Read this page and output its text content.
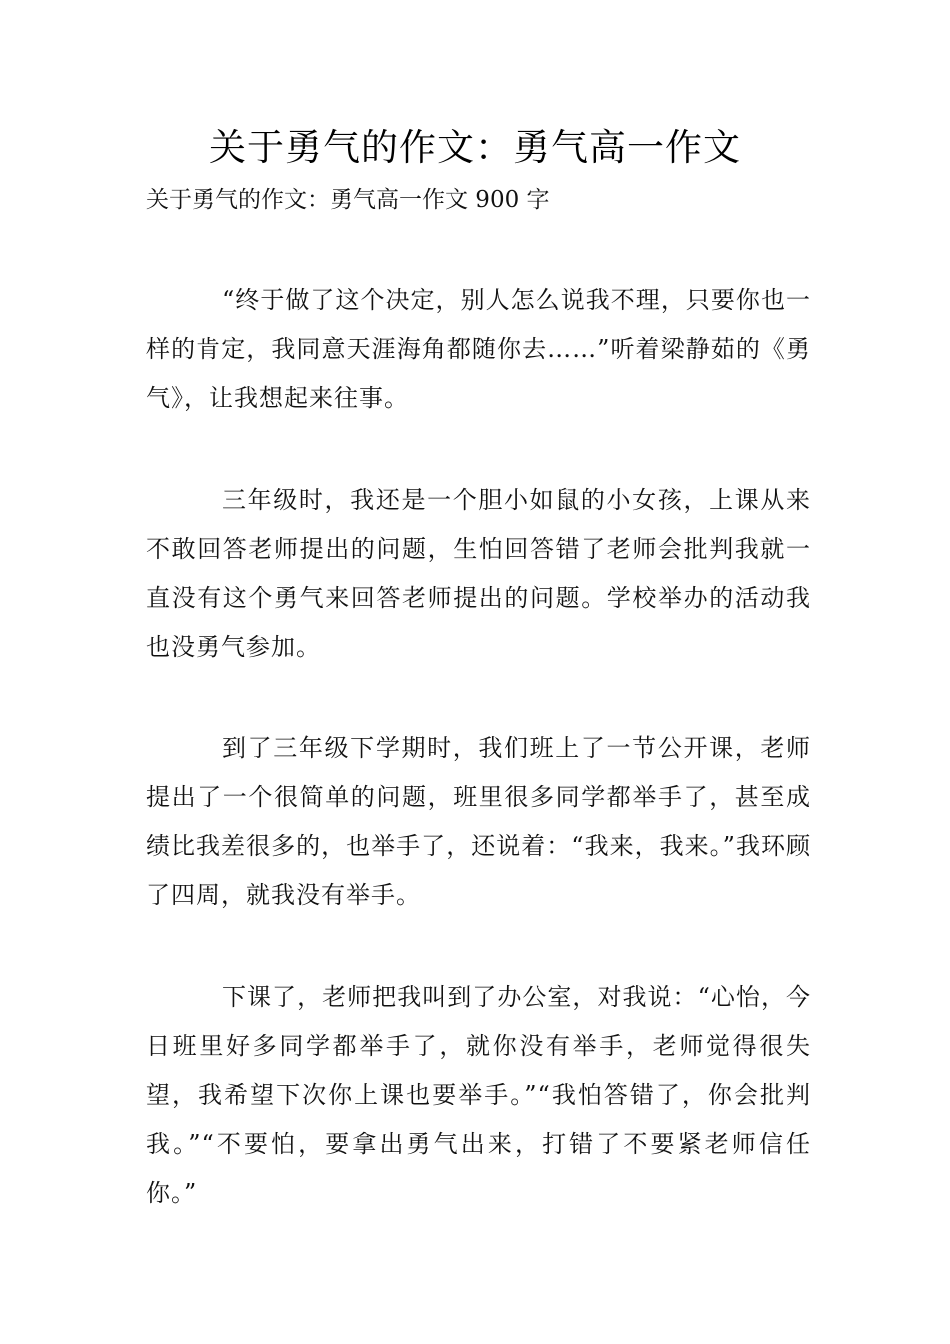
关于勇气的作文：勇气高一作文

关于勇气的作文：勇气高一作文 900 字

“终于做了这个决定，别人怎么说我不理，只要你也一样的肯定，我同意天涯海角都随你去……”听着梁静茹的《勇气》，让我想起来往事。

三年级时，我还是一个胆小如鼠的小女孩，上课从来不敢回答老师提出的问题，生怕回答错了老师会批判我就一直没有这个勇气来回答老师提出的问题。学校举办的活动我也没勇气参加。

到了三年级下学期时，我们班上了一节公开课，老师提出了一个很简单的问题，班里很多同学都举手了，甚至成绩比我差很多的，也举手了，还说着：“我来，我来。”我环顾了四周，就我没有举手。

下课了，老师把我叫到了办公室，对我说：“心怡，今日班里好多同学都举手了，就你没有举手，老师觉得很失望，我希望下次你上课也要举手。”“我怕答错了，你会批判我。”“不要怕，要拿出勇气出来，打错了不要紧老师信任你。”
